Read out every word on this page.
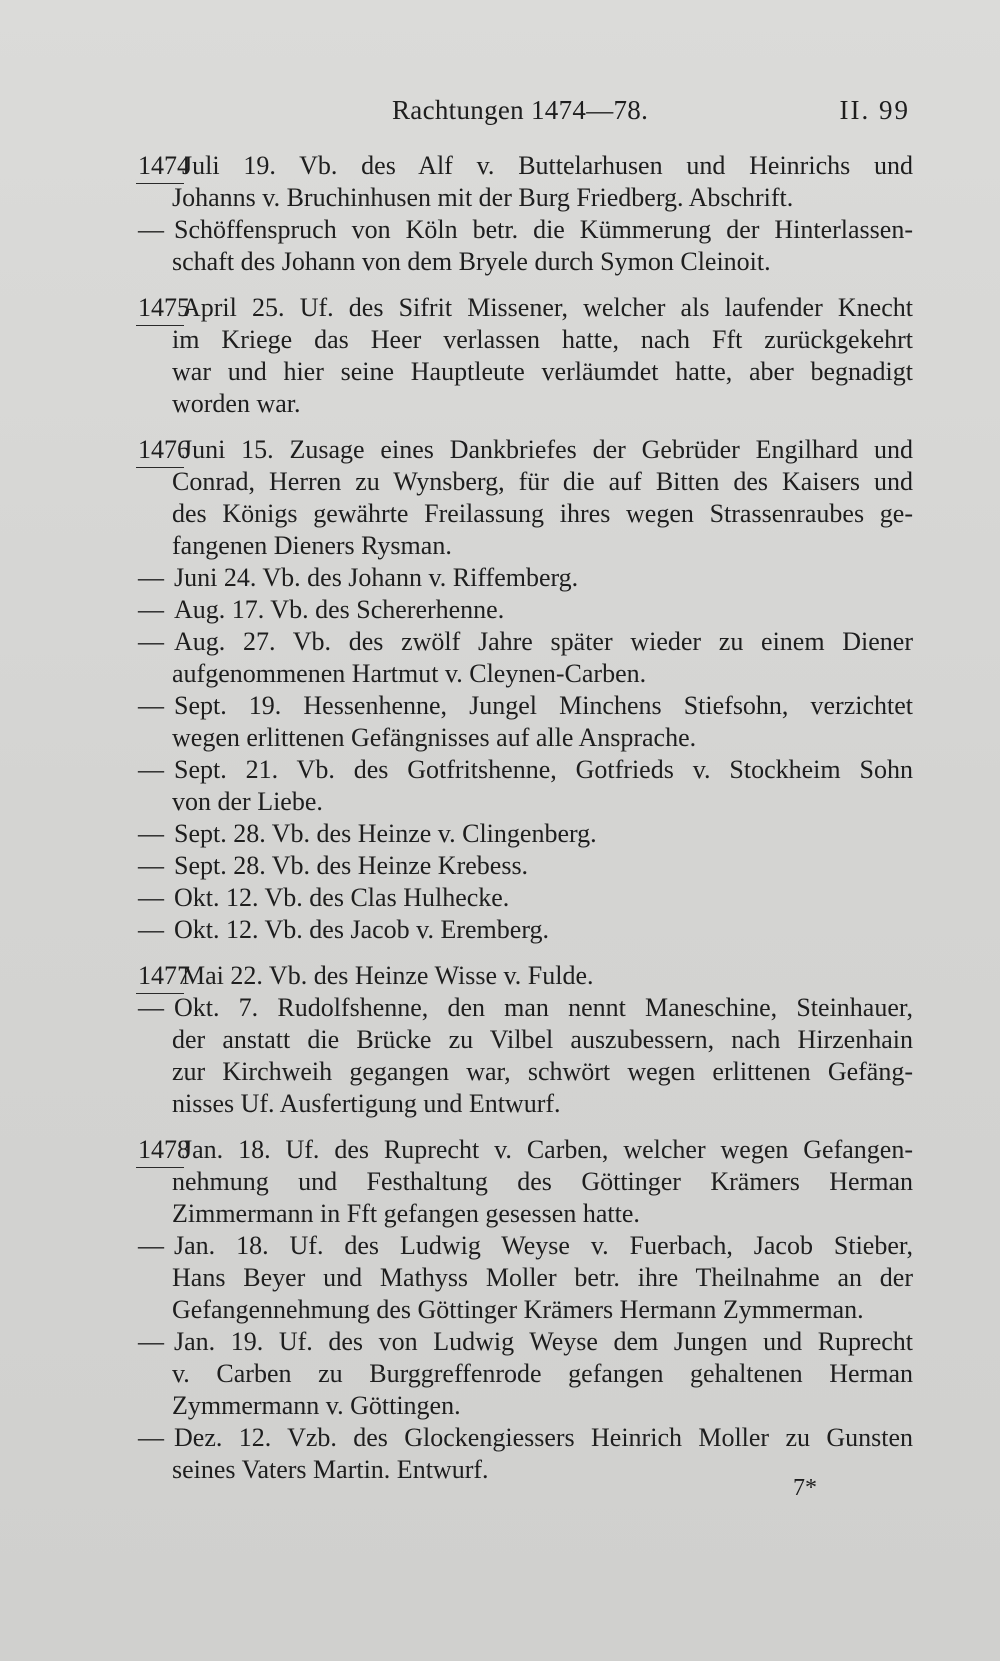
Rachtungen 1474—78.	II. 99
1474Juli 19. Vb. des Alf v. Buttelarhusen und Heinrichs und
Johanns v. Bruchinhusen mit der Burg Friedberg. Abschrift.
— Schöffenspruch von Köln betr. die Kümmerung der Hinterlassen-
schaft des Johann von dem Bryele durch Symon Cleinoit.
1475April 25. Uf. des Sifrit Missener, welcher als laufender Knecht
im Kriege das Heer verlassen hatte, nach Fft zurückgekehrt
war und hier seine Hauptleute verläumdet hatte, aber begnadigt
worden war.
1476Juni 15. Zusage eines Dankbriefes der Gebrüder Engilhard und
Conrad, Herren zu Wynsberg, für die auf Bitten des Kaisers und
des Königs gewährte Freilassung ihres wegen Strassenraubes ge-
fangenen Dieners Rysman.
— Juni 24. Vb. des Johann v. Riffemberg.
— Aug. 17. Vb. des Schererhenne.
— Aug. 27. Vb. des zwölf Jahre später wieder zu einem Diener
aufgenommenen Hartmut v. Cleynen-Carben.
— Sept. 19. Hessenhenne, Jungel Minchens Stiefsohn, verzichtet
wegen erlittenen Gefängnisses auf alle Ansprache.
— Sept. 21. Vb. des Gotfritshenne, Gotfrieds v. Stockheim Sohn
von der Liebe.
— Sept. 28. Vb. des Heinze v. Clingenberg.
— Sept. 28. Vb. des Heinze Krebess.
— Okt. 12. Vb. des Clas Hulhecke.
— Okt. 12. Vb. des Jacob v. Eremberg.
1477Mai 22. Vb. des Heinze Wisse v. Fulde.
— Okt. 7. Rudolfshenne, den man nennt Maneschine, Steinhauer,
der anstatt die Brücke zu Vilbel auszubessern, nach Hirzenhain
zur Kirchweih gegangen war, schwört wegen erlittenen Gefäng-
nisses Uf. Ausfertigung und Entwurf.
1478Jan. 18. Uf. des Ruprecht v. Carben, welcher wegen Gefangen-
nehmung und Festhaltung des Göttinger Krämers Herman
Zimmermann in Fft gefangen gesessen hatte.
— Jan. 18. Uf. des Ludwig Weyse v. Fuerbach, Jacob Stieber,
Hans Beyer und Mathyss Moller betr. ihre Theilnahme an der
Gefangennehmung des Göttinger Krämers Hermann Zymmerman.
— Jan. 19. Uf. des von Ludwig Weyse dem Jungen und Ruprecht
v. Carben zu Burggreffenrode gefangen gehaltenen Herman
Zymmermann v. Göttingen.
— Dez. 12. Vzb. des Glockengiessers Heinrich Moller zu Gunsten
seines Vaters Martin. Entwurf.
7*
